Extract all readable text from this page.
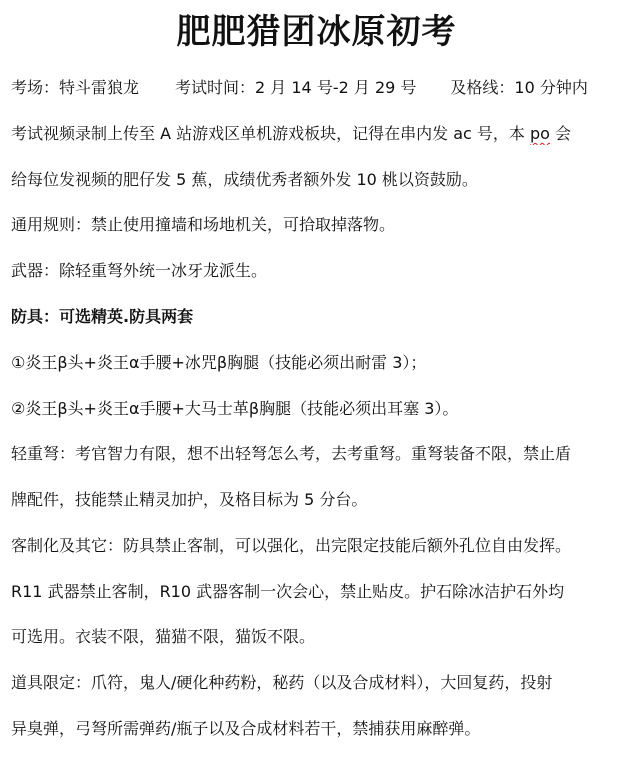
肥肥猎团冰原初考
考场：特斗雷狼龙 考试时间：2 月 14 号-2 月 29 号 及格线：10 分钟内
考试视频录制上传至 A 站游戏区单机游戏板块，记得在串内发 ac 号，本 po 会
给每位发视频的肥仔发 5 蕉，成绩优秀者额外发 10 桃以资鼓励。
通用规则：禁止使用撞墙和场地机关，可拾取掉落物。
武器：除轻重弩外统一冰牙龙派生。
防具：可选精英.防具两套
①炎王β头+炎王α手腰+冰咒β胸腿（技能必须出耐雷 3）；
②炎王β头+炎王α手腰+大马士革β胸腿（技能必须出耳塞 3）。
轻重弩：考官智力有限，想不出轻弩怎么考，去考重弩。重弩装备不限，禁止盾
牌配件，技能禁止精灵加护，及格目标为 5 分台。
客制化及其它：防具禁止客制，可以强化，出完限定技能后额外孔位自由发挥。
R11 武器禁止客制，R10 武器客制一次会心，禁止贴皮。护石除冰洁护石外均
可选用。衣装不限，猫猫不限，猫饭不限。
道具限定：爪符，鬼人/硬化种药粉，秘药（以及合成材料），大回复药，投射
异臭弹，弓弩所需弹药/瓶子以及合成材料若干，禁捕获用麻醉弹。
